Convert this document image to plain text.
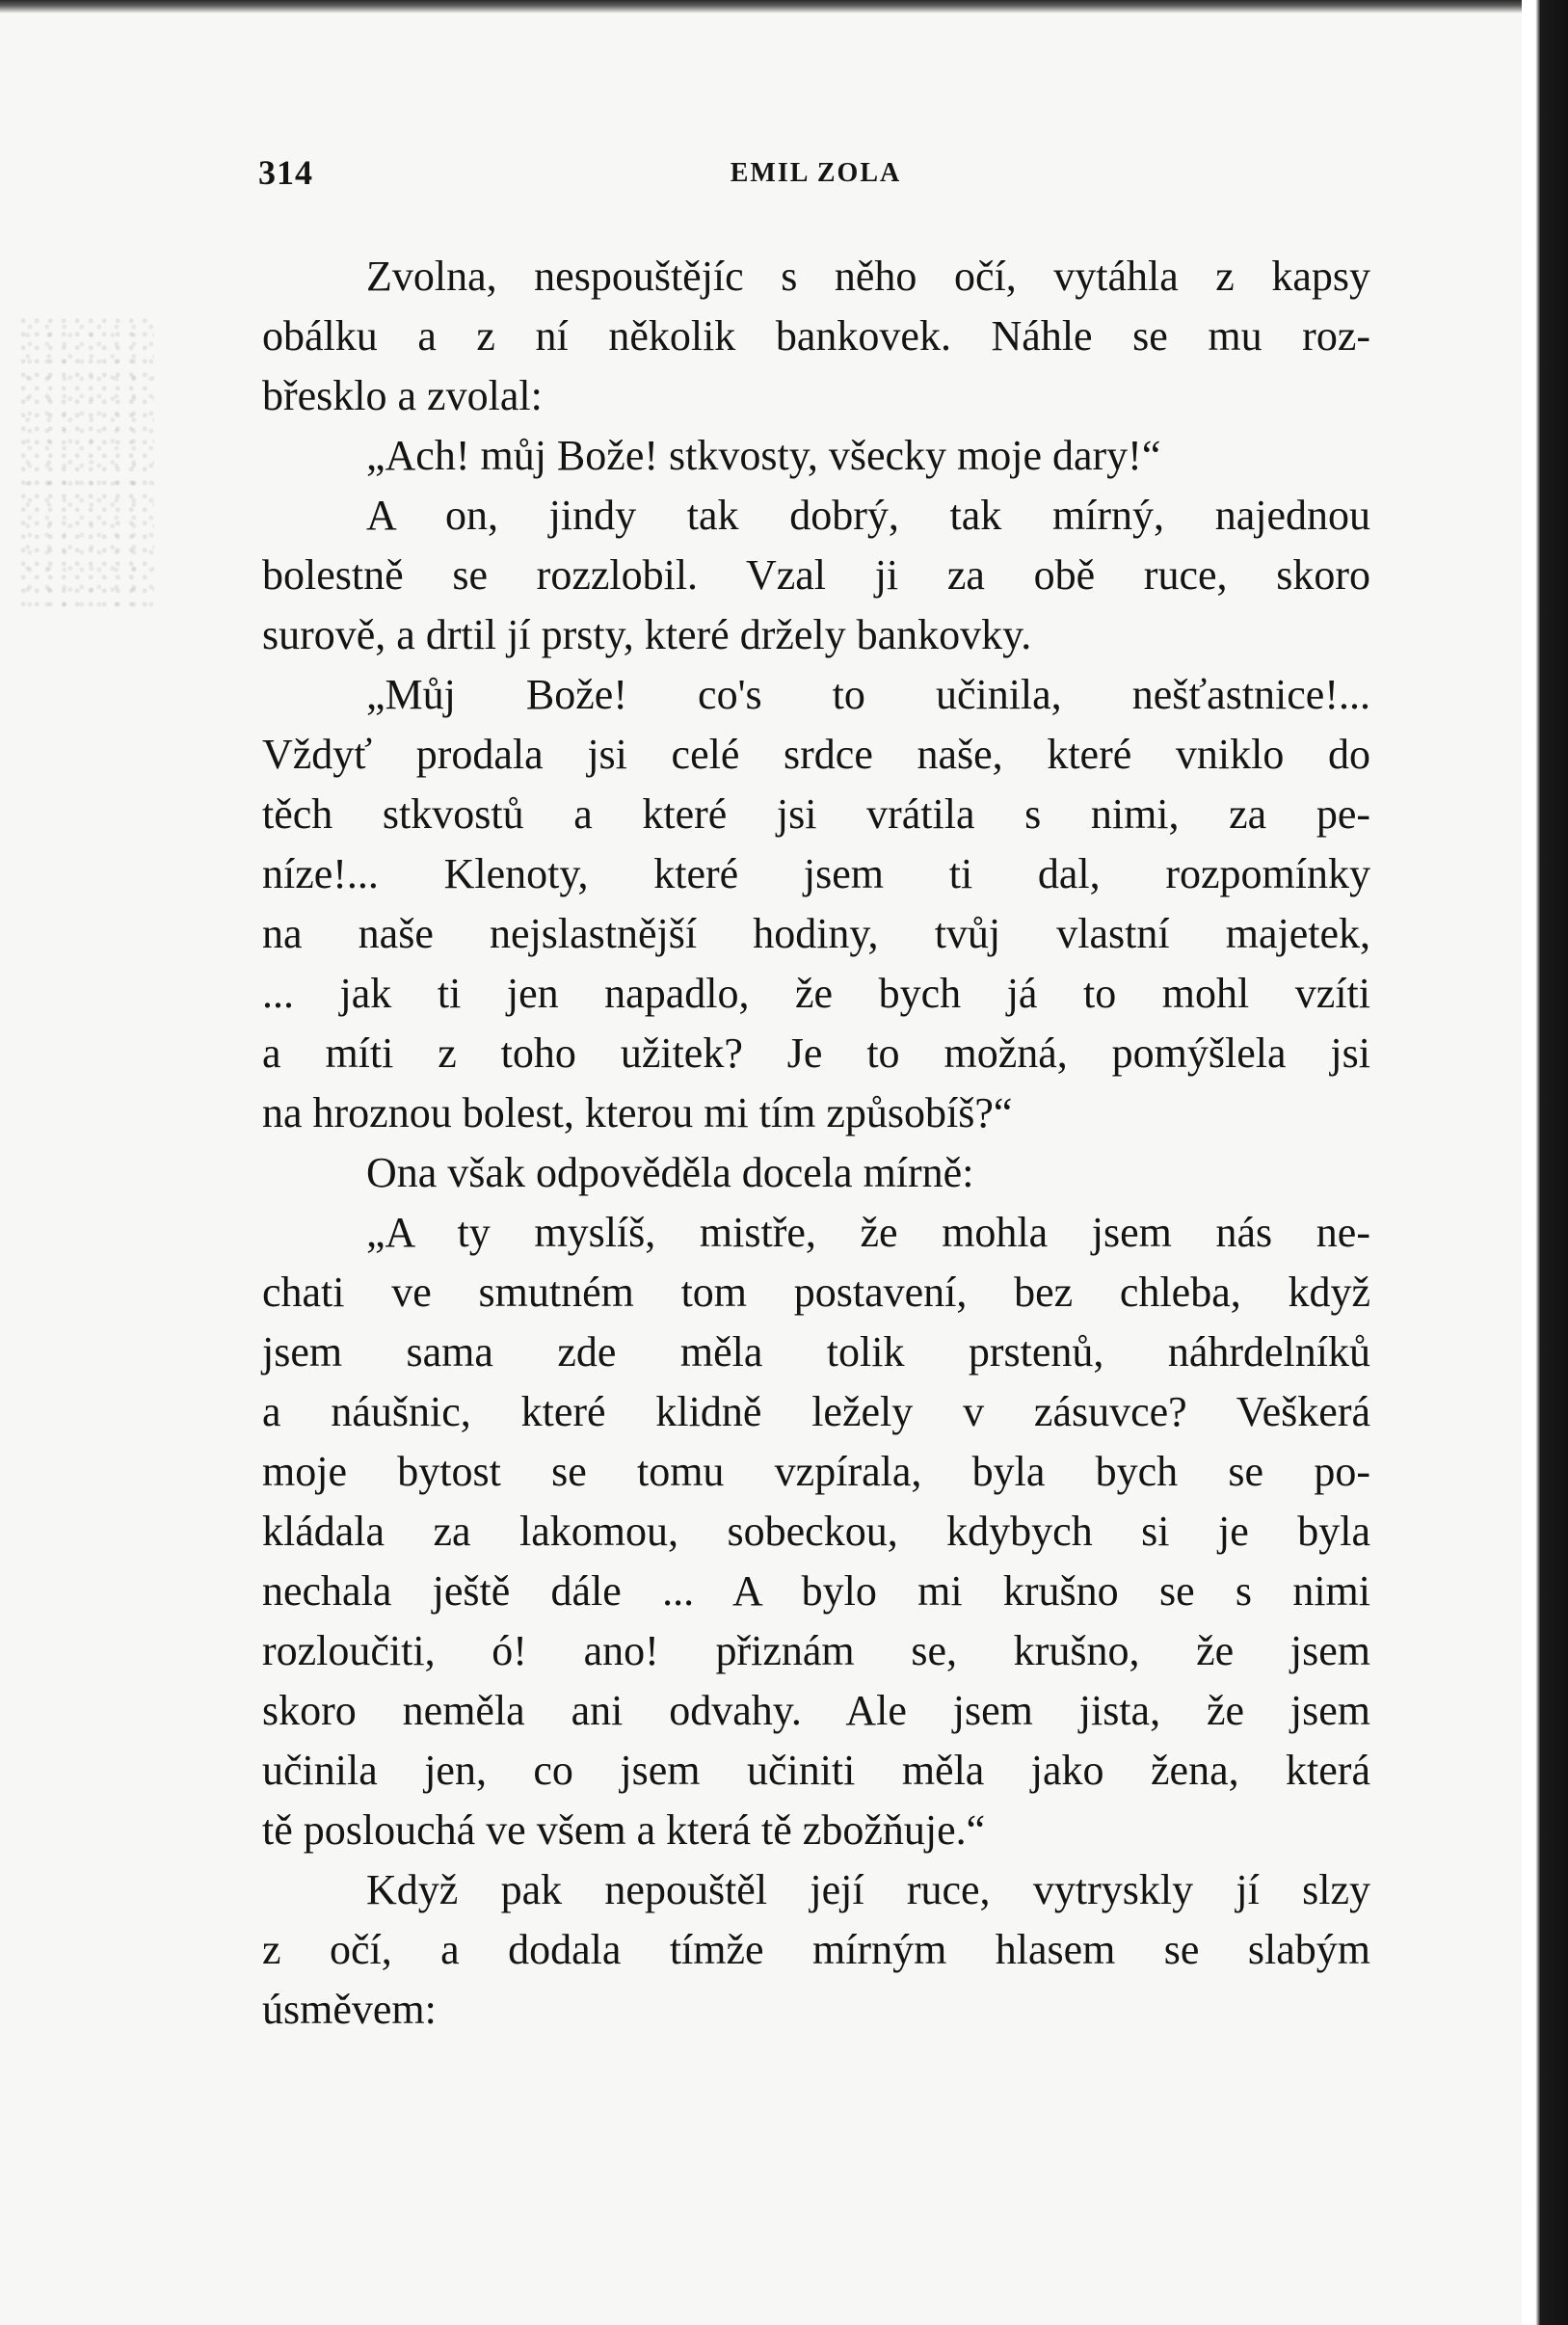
314	EMIL ZOLA
Zvolna, nespouštějíc s něho očí, vytáhla z kapsy
obálku a z ní několik bankovek. Náhle se mu roz-
břesklo a zvolal:
„Ach! můj Bože! stkvosty, všecky moje dary!“
A on, jindy tak dobrý, tak mírný, najednou
bolestně se rozzlobil. Vzal ji za obě ruce, skoro
surově, a drtil jí prsty, které držely bankovky.
„Můj Bože! co's to učinila, nešťastnice!...
Vždyť prodala jsi celé srdce naše, které vniklo do
těch stkvostů a které jsi vrátila s nimi, za pe-
níze!... Klenoty, které jsem ti dal, rozpomínky
na naše nejslastnější hodiny, tvůj vlastní majetek,
... jak ti jen napadlo, že bych já to mohl vzíti
a míti z toho užitek? Je to možná, pomýšlela jsi
na hroznou bolest, kterou mi tím způsobíš?“
Ona však odpověděla docela mírně:
„A ty myslíš, mistře, že mohla jsem nás ne-
chati ve smutném tom postavení, bez chleba, když
jsem sama zde měla tolik prstenů, náhrdelníků
a náušnic, které klidně ležely v zásuvce? Veškerá
moje bytost se tomu vzpírala, byla bych se po-
kládala za lakomou, sobeckou, kdybych si je byla
nechala ještě dále ... A bylo mi krušno se s nimi
rozloučiti, ó! ano! přiznám se, krušno, že jsem
skoro neměla ani odvahy. Ale jsem jista, že jsem
učinila jen, co jsem učiniti měla jako žena, která
tě poslouchá ve všem a která tě zbožňuje.“
Když pak nepouštěl její ruce, vytryskly jí slzy
z očí, a dodala tímže mírným hlasem se slabým
úsměvem:
